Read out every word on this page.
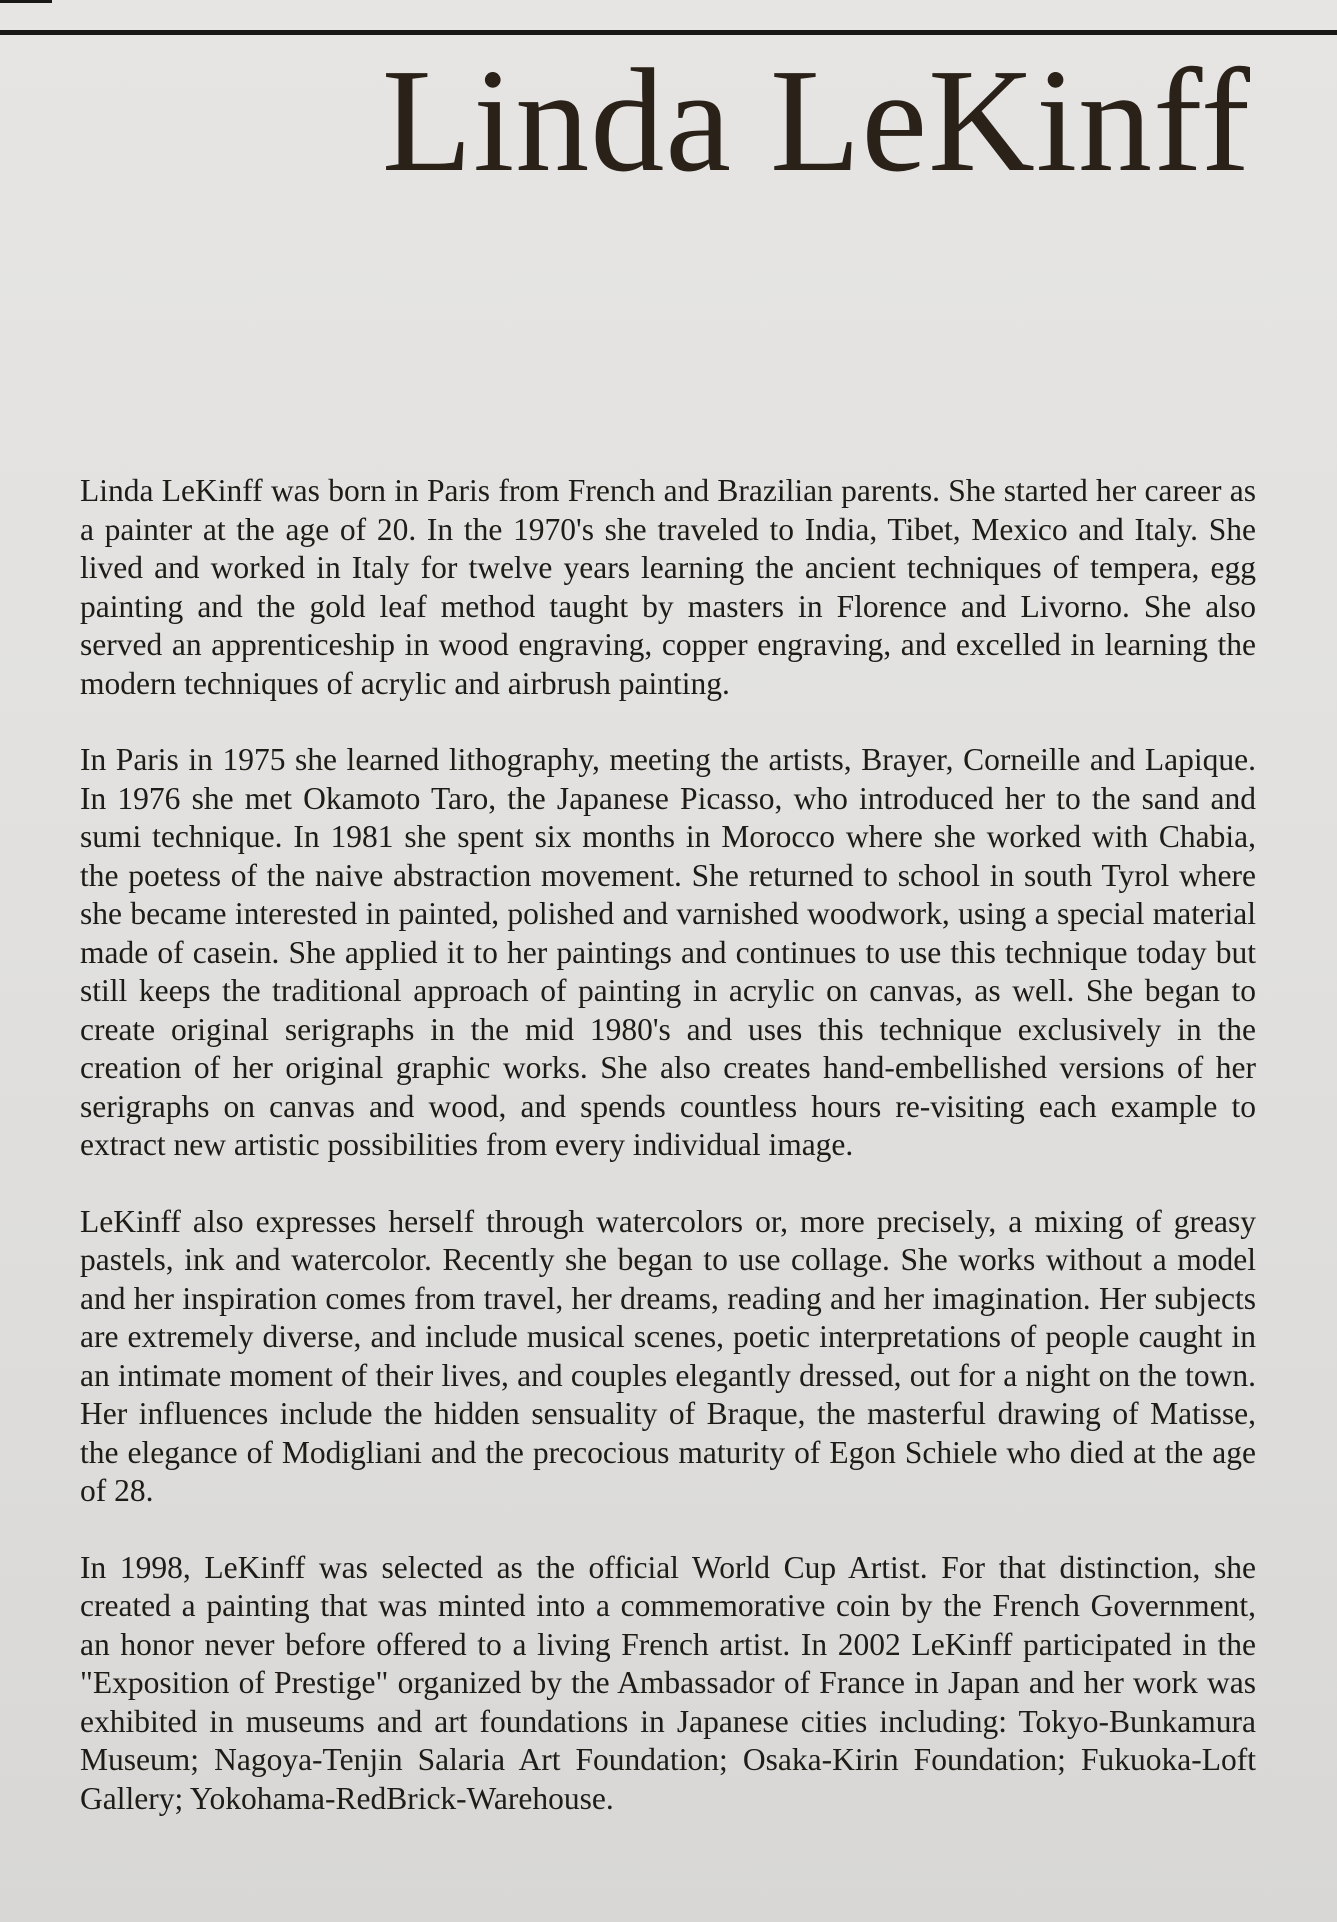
Linda LeKinff

Linda LeKinff was born in Paris from French and Brazilian parents. She started her career as a painter at the age of 20. In the 1970's she traveled to India, Tibet, Mexico and Italy. She lived and worked in Italy for twelve years learning the ancient techniques of tempera, egg painting and the gold leaf method taught by masters in Florence and Livorno. She also served an apprenticeship in wood engraving, copper engraving, and excelled in learning the modern techniques of acrylic and airbrush painting.

In Paris in 1975 she learned lithography, meeting the artists, Brayer, Corneille and Lapique. In 1976 she met Okamoto Taro, the Japanese Picasso, who introduced her to the sand and sumi technique. In 1981 she spent six months in Morocco where she worked with Chabia, the poetess of the naive abstraction movement. She returned to school in south Tyrol where she became interested in painted, polished and varnished woodwork, using a special material made of casein. She applied it to her paintings and continues to use this technique today but still keeps the traditional approach of painting in acrylic on canvas, as well. She began to create original serigraphs in the mid 1980's and uses this technique exclusively in the creation of her original graphic works. She also creates hand-embellished versions of her serigraphs on canvas and wood, and spends countless hours re-visiting each example to extract new artistic possibilities from every individual image.

LeKinff also expresses herself through watercolors or, more precisely, a mixing of greasy pastels, ink and watercolor. Recently she began to use collage. She works without a model and her inspiration comes from travel, her dreams, reading and her imagination. Her subjects are extremely diverse, and include musical scenes, poetic interpretations of people caught in an intimate moment of their lives, and couples elegantly dressed, out for a night on the town. Her influences include the hidden sensuality of Braque, the masterful drawing of Matisse, the elegance of Modigliani and the precocious maturity of Egon Schiele who died at the age of 28.

In 1998, LeKinff was selected as the official World Cup Artist. For that distinction, she created a painting that was minted into a commemorative coin by the French Government, an honor never before offered to a living French artist. In 2002 LeKinff participated in the "Exposition of Prestige" organized by the Ambassador of France in Japan and her work was exhibited in museums and art foundations in Japanese cities including: Tokyo-Bunkamura Museum; Nagoya-Tenjin Salaria Art Foundation; Osaka-Kirin Foundation; Fukuoka-Loft Gallery; Yokohama-RedBrick-Warehouse.
